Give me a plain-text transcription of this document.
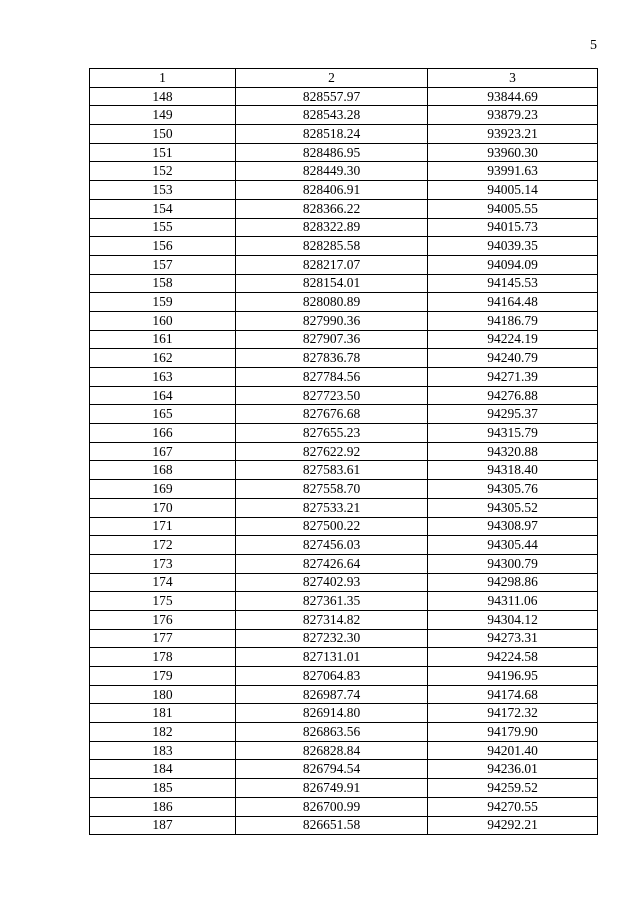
5
1	2	3
148	828557.97	93844.69
149	828543.28	93879.23
150	828518.24	93923.21
151	828486.95	93960.30
152	828449.30	93991.63
153	828406.91	94005.14
154	828366.22	94005.55
155	828322.89	94015.73
156	828285.58	94039.35
157	828217.07	94094.09
158	828154.01	94145.53
159	828080.89	94164.48
160	827990.36	94186.79
161	827907.36	94224.19
162	827836.78	94240.79
163	827784.56	94271.39
164	827723.50	94276.88
165	827676.68	94295.37
166	827655.23	94315.79
167	827622.92	94320.88
168	827583.61	94318.40
169	827558.70	94305.76
170	827533.21	94305.52
171	827500.22	94308.97
172	827456.03	94305.44
173	827426.64	94300.79
174	827402.93	94298.86
175	827361.35	94311.06
176	827314.82	94304.12
177	827232.30	94273.31
178	827131.01	94224.58
179	827064.83	94196.95
180	826987.74	94174.68
181	826914.80	94172.32
182	826863.56	94179.90
183	826828.84	94201.40
184	826794.54	94236.01
185	826749.91	94259.52
186	826700.99	94270.55
187	826651.58	94292.21
